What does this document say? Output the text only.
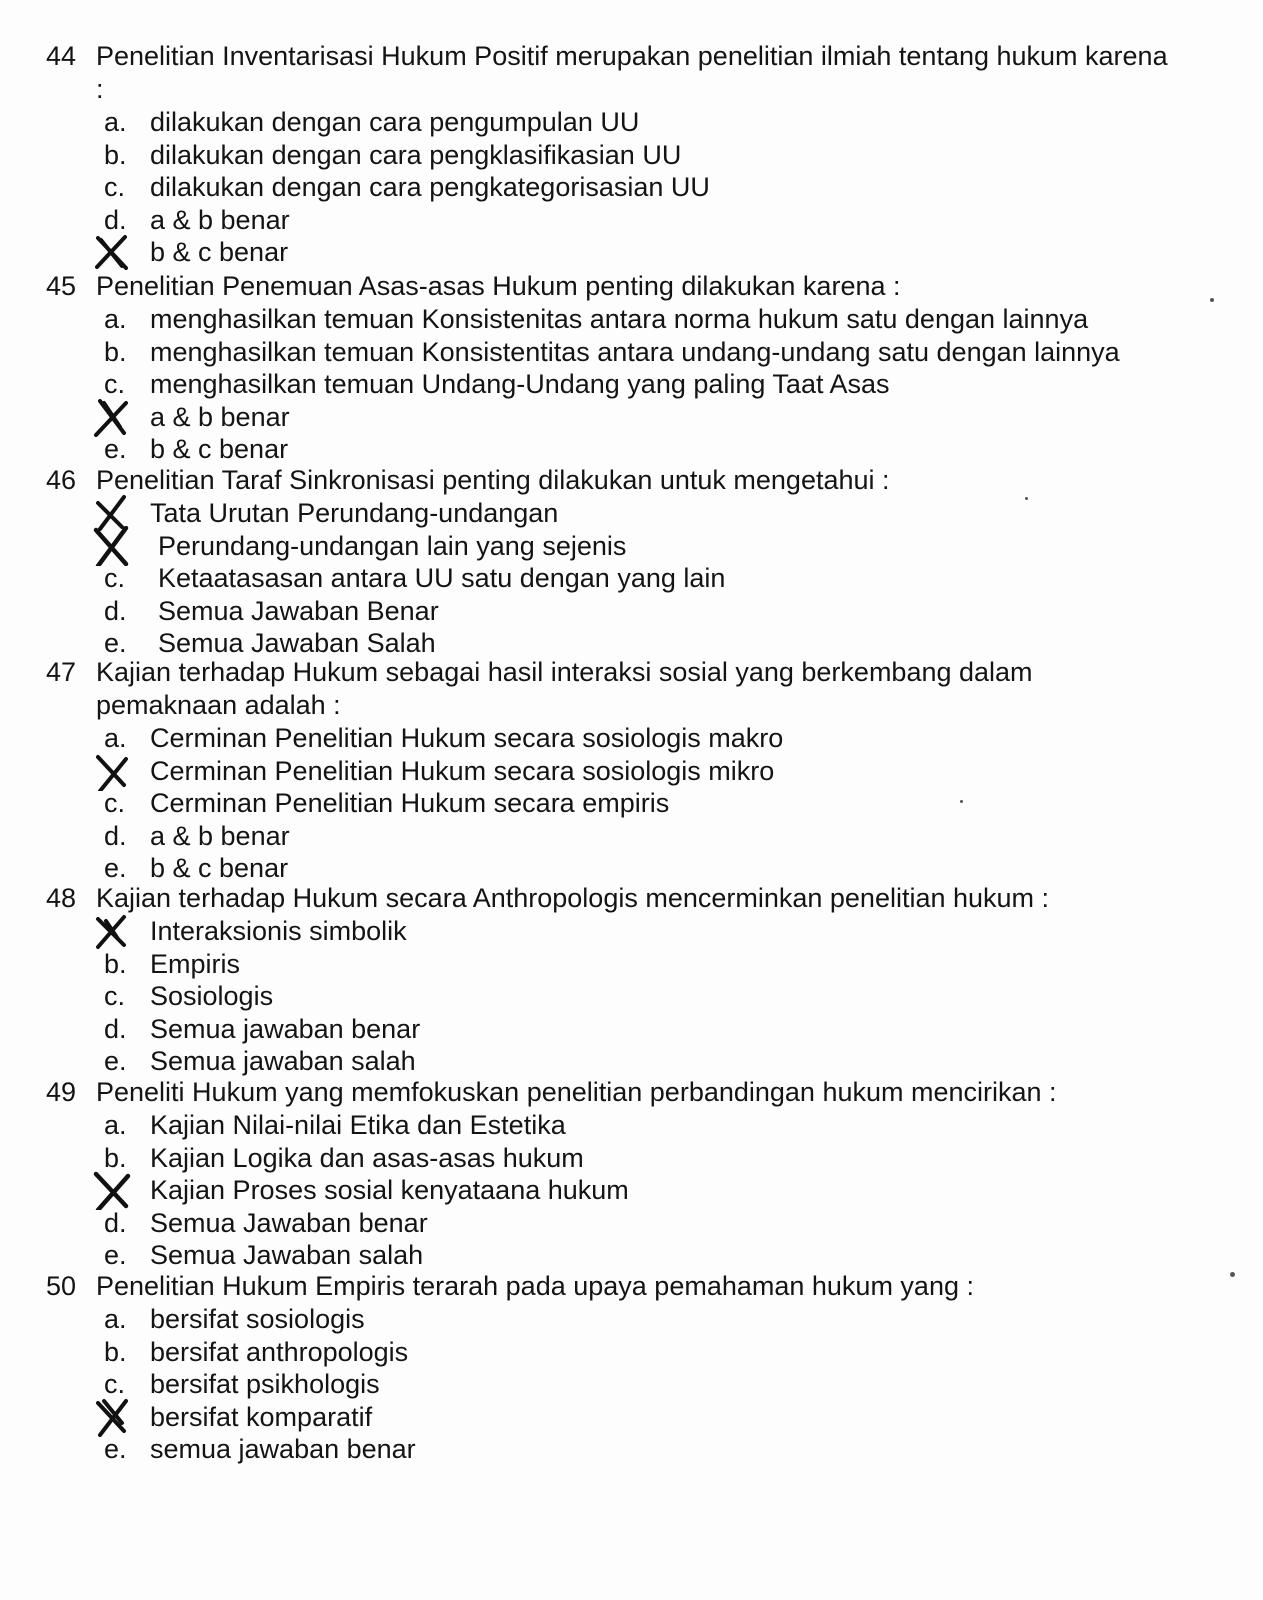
44 Penelitian Inventarisasi Hukum Positif merupakan penelitian ilmiah tentang hukum karena :
a. dilakukan dengan cara pengumpulan UU
b. dilakukan dengan cara pengklasifikasian UU
c. dilakukan dengan cara pengkategorisasian UU
d. a & b benar
b & c benar
45 Penelitian Penemuan Asas-asas Hukum penting dilakukan karena :
a. menghasilkan temuan Konsistenitas antara norma hukum satu dengan lainnya
b. menghasilkan temuan Konsistentitas antara undang-undang satu dengan lainnya
c. menghasilkan temuan Undang-Undang yang paling Taat Asas
a & b benar
e. b & c benar
46 Penelitian Taraf Sinkronisasi penting dilakukan untuk mengetahui :
Tata Urutan Perundang-undangan
Perundang-undangan lain yang sejenis
c. Ketaatasasan antara UU satu dengan yang lain
d. Semua Jawaban Benar
e. Semua Jawaban Salah
47 Kajian terhadap Hukum sebagai hasil interaksi sosial yang berkembang dalam pemaknaan adalah :
a. Cerminan Penelitian Hukum secara sosiologis makro
Cerminan Penelitian Hukum secara sosiologis mikro
c. Cerminan Penelitian Hukum secara empiris
d. a & b benar
e. b & c benar
48 Kajian terhadap Hukum secara Anthropologis mencerminkan penelitian hukum :
Interaksionis simbolik
b. Empiris
c. Sosiologis
d. Semua jawaban benar
e. Semua jawaban salah
49 Peneliti Hukum yang memfokuskan penelitian perbandingan hukum mencirikan :
a. Kajian Nilai-nilai Etika dan Estetika
b. Kajian Logika dan asas-asas hukum
Kajian Proses sosial kenyataana hukum
d. Semua Jawaban benar
e. Semua Jawaban salah
50 Penelitian Hukum Empiris terarah pada upaya pemahaman hukum yang :
a. bersifat sosiologis
b. bersifat anthropologis
c. bersifat psikhologis
bersifat komparatif
e. semua jawaban benar
